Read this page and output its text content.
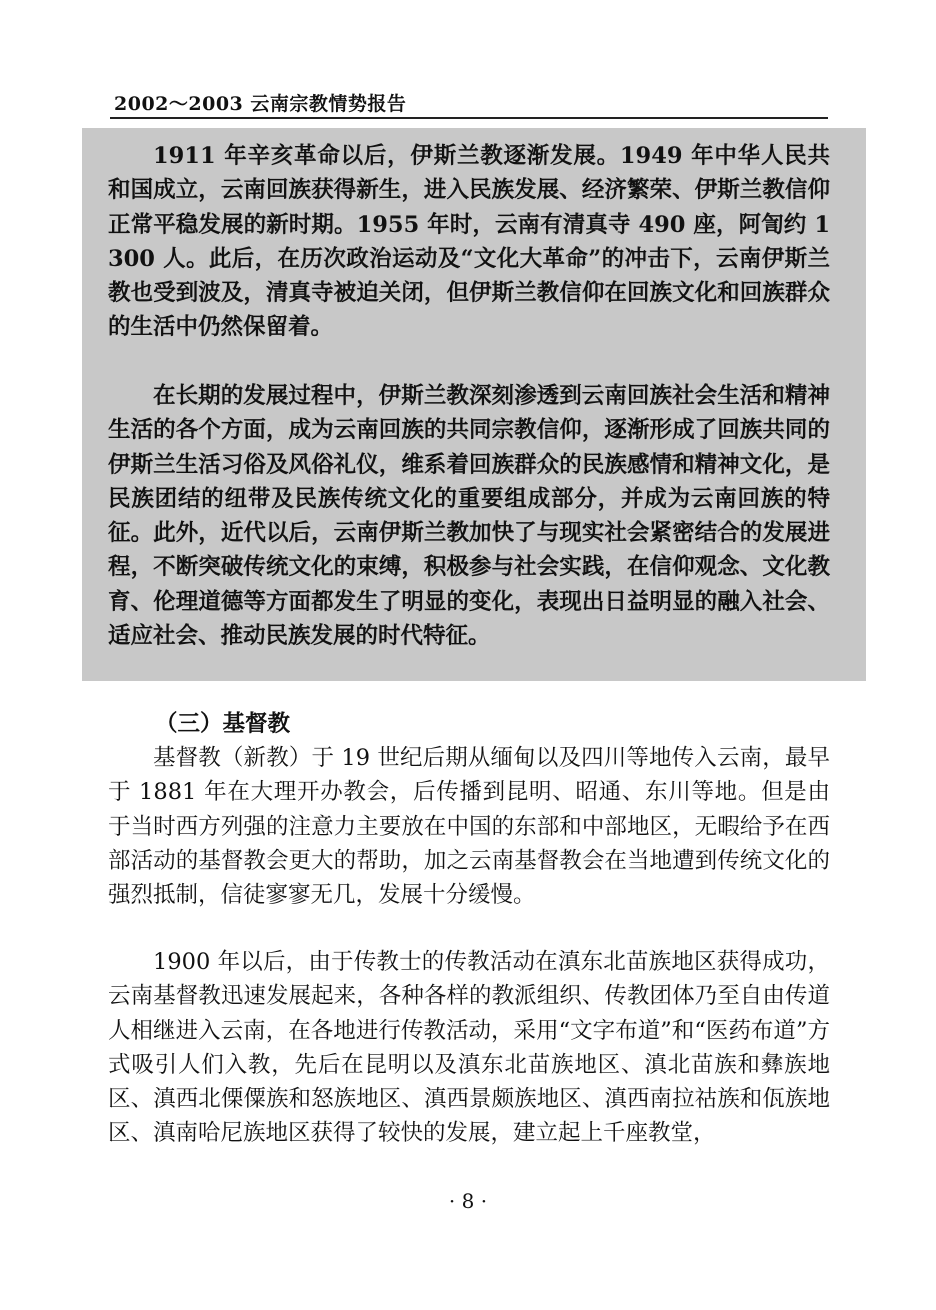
2002～2003 云南宗教情势报告

1911 年辛亥革命以后，伊斯兰教逐渐发展。1949 年中华人民共和国成立，云南回族获得新生，进入民族发展、经济繁荣、伊斯兰教信仰正常平稳发展的新时期。1955 年时，云南有清真寺 490 座，阿訇约 1 300 人。此后，在历次政治运动及“文化大革命”的冲击下，云南伊斯兰教也受到波及，清真寺被迫关闭，但伊斯兰教信仰在回族文化和回族群众的生活中仍然保留着。

在长期的发展过程中，伊斯兰教深刻渗透到云南回族社会生活和精神生活的各个方面，成为云南回族的共同宗教信仰，逐渐形成了回族共同的伊斯兰生活习俗及风俗礼仪，维系着回族群众的民族感情和精神文化，是民族团结的纽带及民族传统文化的重要组成部分，并成为云南回族的特征。此外，近代以后，云南伊斯兰教加快了与现实社会紧密结合的发展进程，不断突破传统文化的束缚，积极参与社会实践，在信仰观念、文化教育、伦理道德等方面都发生了明显的变化，表现出日益明显的融入社会、适应社会、推动民族发展的时代特征。

（三）基督教

基督教（新教）于 19 世纪后期从缅甸以及四川等地传入云南，最早于 1881 年在大理开办教会，后传播到昆明、昭通、东川等地。但是由于当时西方列强的注意力主要放在中国的东部和中部地区，无暇给予在西部活动的基督教会更大的帮助，加之云南基督教会在当地遭到传统文化的强烈抵制，信徒寥寥无几，发展十分缓慢。

1900 年以后，由于传教士的传教活动在滇东北苗族地区获得成功，云南基督教迅速发展起来，各种各样的教派组织、传教团体乃至自由传道人相继进入云南，在各地进行传教活动，采用“文字布道”和“医药布道”方式吸引人们入教，先后在昆明以及滇东北苗族地区、滇北苗族和彝族地区、滇西北傈僳族和怒族地区、滇西景颇族地区、滇西南拉祜族和佤族地区、滇南哈尼族地区获得了较快的发展，建立起上千座教堂，

· 8 ·
